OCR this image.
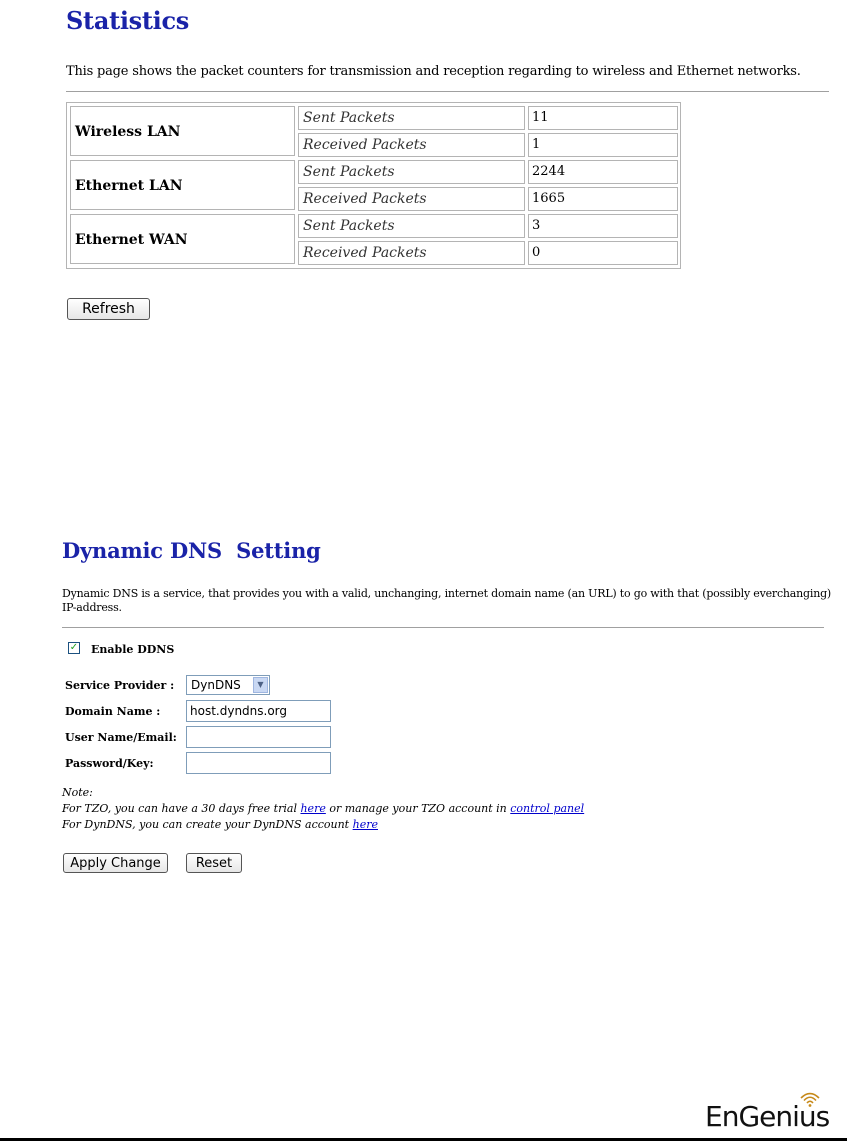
Statistics
This page shows the packet counters for transmission and reception regarding to wireless and Ethernet networks.
Wireless LAN
Sent Packets	11
Received Packets	1
Ethernet LAN
Sent Packets	2244
Received Packets	1665
Ethernet WAN
Sent Packets	3
Received Packets	0
Refresh
Dynamic DNS  Setting
Dynamic DNS is a service, that provides you with a valid, unchanging, internet domain name (an URL) to go with that (possibly everchanging) IP-address.
✓ Enable DDNS
Service Provider :	DynDNS	▼
Domain Name :	host.dyndns.org
User Name/Email:
Password/Key:
Note:
For TZO, you can have a 30 days free trial here or manage your TZO account in control panel
For DynDNS, you can create your DynDNS account here
Apply Change	Reset
EnGenius
